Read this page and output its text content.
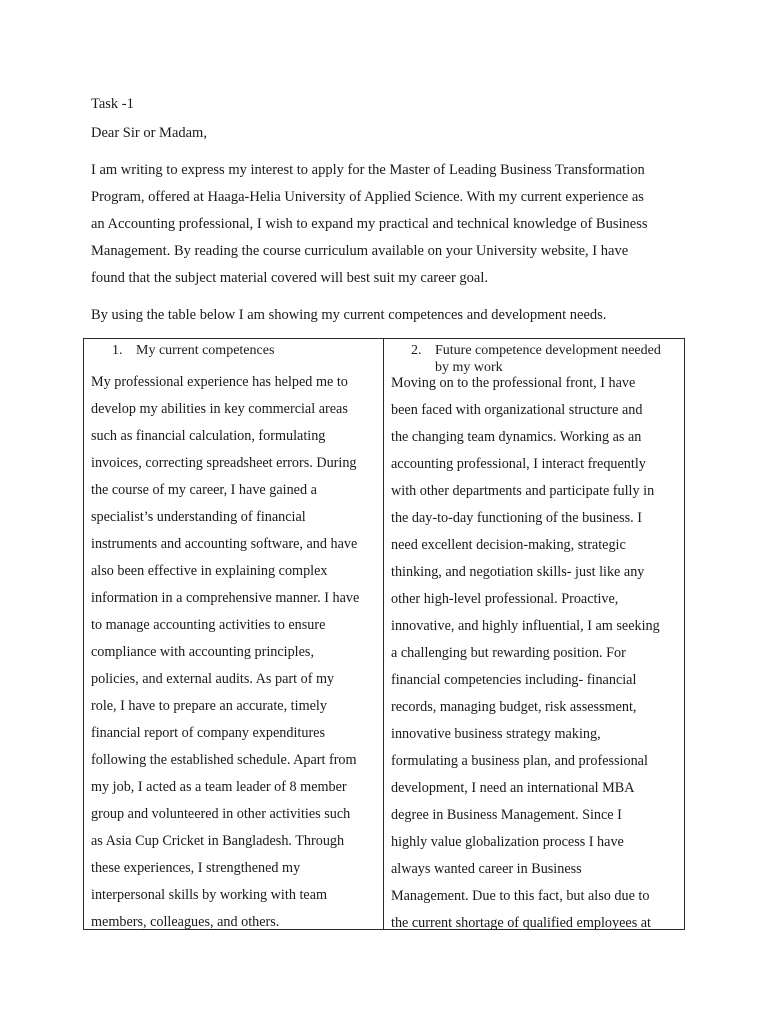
Task -1
Dear Sir or Madam,

I am writing to express my interest to apply for the Master of Leading Business Transformation
Program, offered at Haaga-Helia University of Applied Science. With my current experience as
an Accounting professional, I wish to expand my practical and technical knowledge of Business
Management. By reading the course curriculum available on your University website, I have
found that the subject material covered will best suit my career goal.

By using the table below I am showing my current competences and development needs.

1. My current competences

My professional experience has helped me to
develop my abilities in key commercial areas
such as financial calculation, formulating
invoices, correcting spreadsheet errors. During
the course of my career, I have gained a
specialist’s understanding of financial
instruments and accounting software, and have
also been effective in explaining complex
information in a comprehensive manner. I have
to manage accounting activities to ensure
compliance with accounting principles,
policies, and external audits. As part of my
role, I have to prepare an accurate, timely
financial report of company expenditures
following the established schedule. Apart from
my job, I acted as a team leader of 8 member
group and volunteered in other activities such
as Asia Cup Cricket in Bangladesh. Through
these experiences, I strengthened my
interpersonal skills by working with team
members, colleagues, and others.

2. Future competence development needed by my work

Moving on to the professional front, I have
been faced with organizational structure and
the changing team dynamics. Working as an
accounting professional, I interact frequently
with other departments and participate fully in
the day-to-day functioning of the business. I
need excellent decision-making, strategic
thinking, and negotiation skills- just like any
other high-level professional. Proactive,
innovative, and highly influential, I am seeking
a challenging but rewarding position. For
financial competencies including- financial
records, managing budget, risk assessment,
innovative business strategy making,
formulating a business plan, and professional
development, I need an international MBA
degree in Business Management. Since I
highly value globalization process I have
always wanted career in Business
Management. Due to this fact, but also due to
the current shortage of qualified employees at
